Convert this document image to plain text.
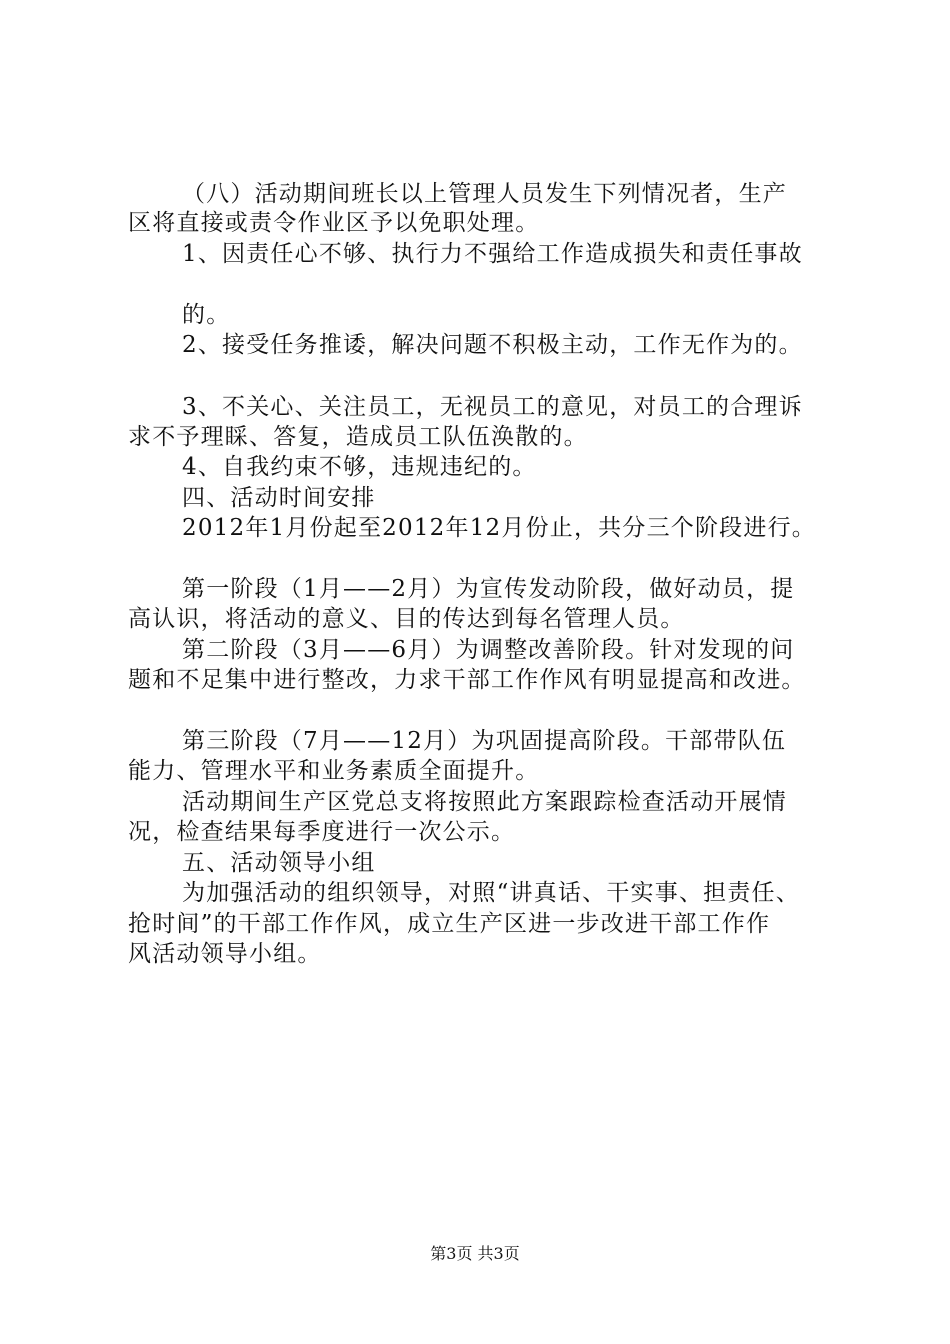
（八）活动期间班长以上管理人员发生下列情况者，生产
区将直接或责令作业区予以免职处理。
1、因责任心不够、执行力不强给工作造成损失和责任事故
的。
2、接受任务推诿，解决问题不积极主动，工作无作为的。
3、不关心、关注员工，无视员工的意见，对员工的合理诉
求不予理睬、答复，造成员工队伍涣散的。
4、自我约束不够，违规违纪的。
四、活动时间安排
2012年1月份起至2012年12月份止，共分三个阶段进行。
第一阶段（1月——2月）为宣传发动阶段，做好动员，提
高认识，将活动的意义、目的传达到每名管理人员。
第二阶段（3月——6月）为调整改善阶段。针对发现的问
题和不足集中进行整改，力求干部工作作风有明显提高和改进。
第三阶段（7月——12月）为巩固提高阶段。干部带队伍
能力、管理水平和业务素质全面提升。
活动期间生产区党总支将按照此方案跟踪检查活动开展情
况，检查结果每季度进行一次公示。
五、活动领导小组
为加强活动的组织领导，对照“讲真话、干实事、担责任、
抢时间”的干部工作作风，成立生产区进一步改进干部工作作
风活动领导小组。
第3页 共3页
